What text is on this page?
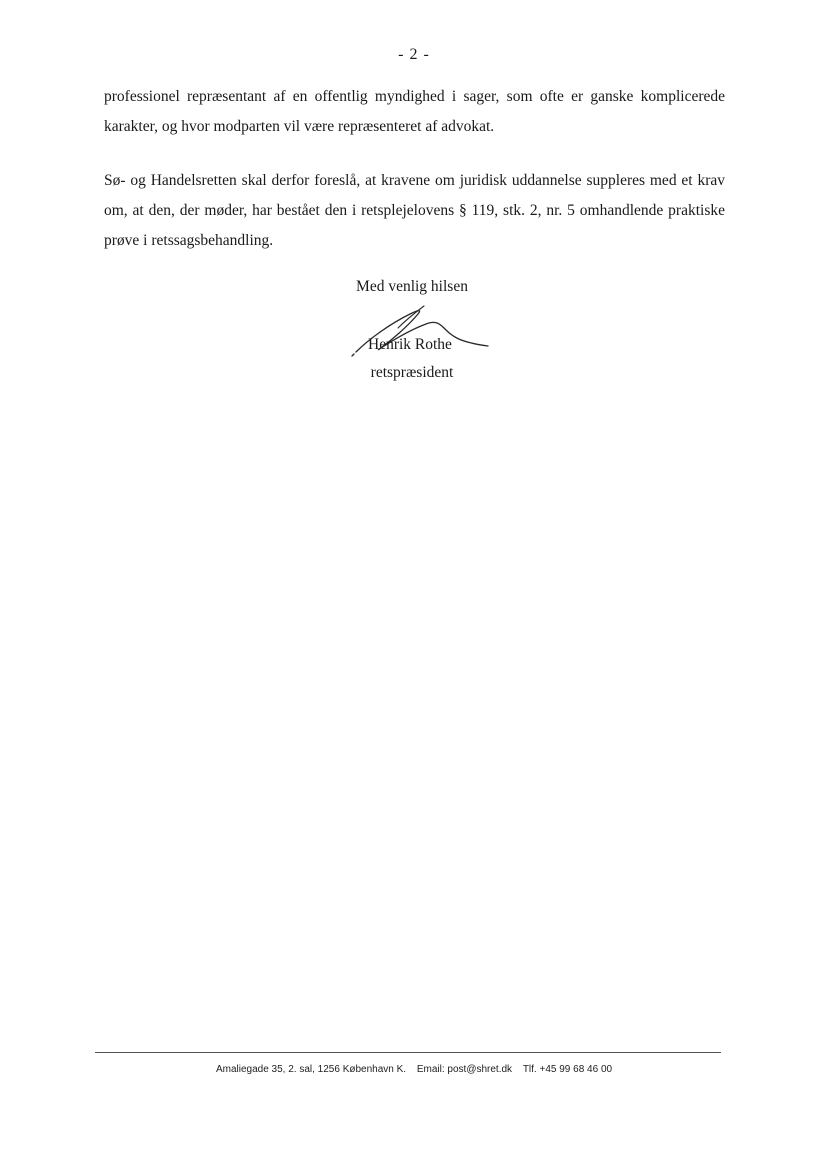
- 2 -

professionel repræsentant af en offentlig myndighed i sager, som ofte er ganske komplicerede karakter, og hvor modparten vil være repræsenteret af advokat.

Sø- og Handelsretten skal derfor foreslå, at kravene om juridisk uddannelse suppleres med et krav om, at den, der møder, har bestået den i retsplejelovens § 119, stk. 2, nr. 5 omhandlende praktiske prøve i retssagsbehandling.

Med venlig hilsen
Henrik Rothe
retspræsident
Amaliegade 35, 2. sal, 1256 København K. Email: post@shret.dk Tlf. +45 99 68 46 00
